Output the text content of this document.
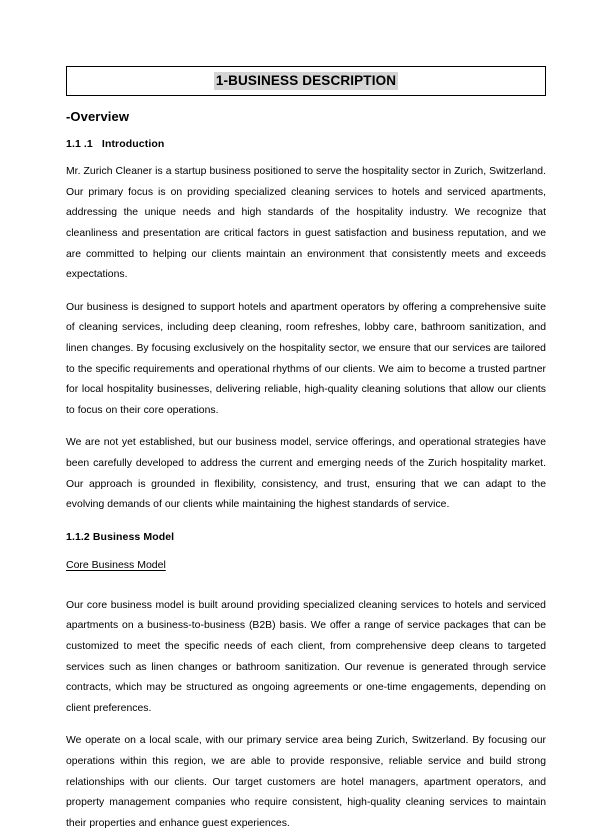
1-BUSINESS DESCRIPTION
-Overview
1.1 .1   Introduction

Mr. Zurich Cleaner is a startup business positioned to serve the hospitality sector in Zurich, Switzerland. Our primary focus is on providing specialized cleaning services to hotels and serviced apartments, addressing the unique needs and high standards of the hospitality industry. We recognize that cleanliness and presentation are critical factors in guest satisfaction and business reputation, and we are committed to helping our clients maintain an environment that consistently meets and exceeds expectations.

Our business is designed to support hotels and apartment operators by offering a comprehensive suite of cleaning services, including deep cleaning, room refreshes, lobby care, bathroom sanitization, and linen changes. By focusing exclusively on the hospitality sector, we ensure that our services are tailored to the specific requirements and operational rhythms of our clients. We aim to become a trusted partner for local hospitality businesses, delivering reliable, high-quality cleaning solutions that allow our clients to focus on their core operations.

We are not yet established, but our business model, service offerings, and operational strategies have been carefully developed to address the current and emerging needs of the Zurich hospitality market. Our approach is grounded in flexibility, consistency, and trust, ensuring that we can adapt to the evolving demands of our clients while maintaining the highest standards of service.

1.1.2 Business Model
Core Business Model

Our core business model is built around providing specialized cleaning services to hotels and serviced apartments on a business-to-business (B2B) basis. We offer a range of service packages that can be customized to meet the specific needs of each client, from comprehensive deep cleans to targeted services such as linen changes or bathroom sanitization. Our revenue is generated through service contracts, which may be structured as ongoing agreements or one-time engagements, depending on client preferences.

We operate on a local scale, with our primary service area being Zurich, Switzerland. By focusing our operations within this region, we are able to provide responsive, reliable service and build strong relationships with our clients. Our target customers are hotel managers, apartment operators, and property management companies who require consistent, high-quality cleaning services to maintain their properties and enhance guest experiences.
